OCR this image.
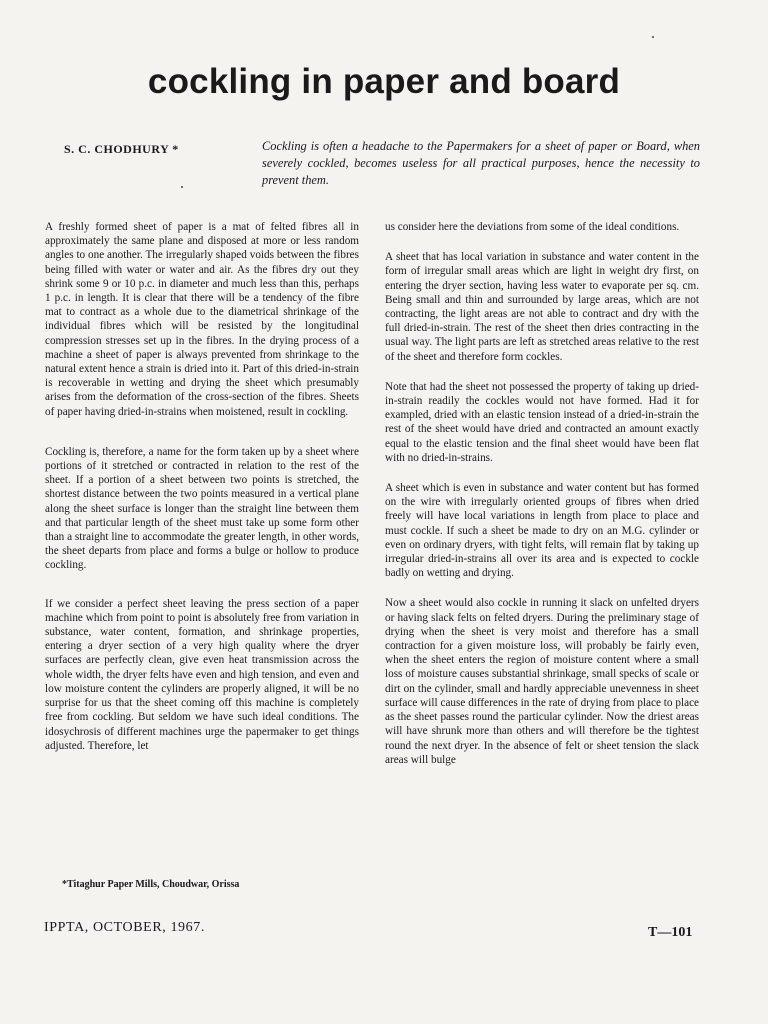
cockling in paper and board
S. C. CHODHURY *	Cockling is often a headache to the Papermakers for a sheet of paper or Board, when severely cockled, becomes useless for all practical purposes, hence the necessity to prevent them.

A freshly formed sheet of paper is a mat of felted fibres all in approximately the same plane and disposed at more or less random angles to one another. The irregularly shaped voids between the fibres being filled with water or water and air. As the fibres dry out they shrink some 9 or 10 p.c. in diameter and much less than this, perhaps 1 p.c. in length. It is clear that there will be a tendency of the fibre mat to contract as a whole due to the diametrical shrinkage of the individual fibres which will be resisted by the longitudinal compression stresses set up in the fibres. In the drying process of a machine a sheet of paper is always prevented from shrinkage to the natural extent hence a strain is dried into it. Part of this dried-in-strain is recoverable in wetting and drying the sheet which presumably arises from the deformation of the cross-section of the fibres. Sheets of paper having dried-in-strains when moistened, result in cockling.

Cockling is, therefore, a name for the form taken up by a sheet where portions of it stretched or contracted in relation to the rest of the sheet. If a portion of a sheet between two points is stretched, the shortest distance between the two points measured in a vertical plane along the sheet surface is longer than the straight line between them and that particular length of the sheet must take up some form other than a straight line to accommodate the greater length, in other words, the sheet departs from place and forms a bulge or hollow to produce cockling.

If we consider a perfect sheet leaving the press section of a paper machine which from point to point is absolutely free from variation in substance, water content, formation, and shrinkage properties, entering a dryer section of a very high quality where the dryer surfaces are perfectly clean, give even heat transmission across the whole width, the dryer felts have even and high tension, and even and low moisture content the cylinders are properly aligned, it will be no surprise for us that the sheet coming off this machine is completely free from cockling. But seldom we have such ideal conditions. The idosychrosis of different machines urge the papermaker to get things adjusted. Therefore, let

us consider here the deviations from some of the ideal conditions.

A sheet that has local variation in substance and water content in the form of irregular small areas which are light in weight dry first, on entering the dryer section, having less water to evaporate per sq. cm. Being small and thin and surrounded by large areas, which are not contracting, the light areas are not able to contract and dry with the full dried-in-strain. The rest of the sheet then dries contracting in the usual way. The light parts are left as stretched areas relative to the rest of the sheet and therefore form cockles.

Note that had the sheet not possessed the property of taking up dried-in-strain readily the cockles would not have formed. Had it for exampled, dried with an elastic tension instead of a dried-in-strain the rest of the sheet would have dried and contracted an amount exactly equal to the elastic tension and the final sheet would have been flat with no dried-in-strains.

A sheet which is even in substance and water content but has formed on the wire with irregularly oriented groups of fibres when dried freely will have local variations in length from place to place and must cockle. If such a sheet be made to dry on an M.G. cylinder or even on ordinary dryers, with tight felts, will remain flat by taking up irregular dried-in-strains all over its area and is expected to cockle badly on wetting and drying.

Now a sheet would also cockle in running it slack on unfelted dryers or having slack felts on felted dryers. During the preliminary stage of drying when the sheet is very moist and therefore has a small contraction for a given moisture loss, will probably be fairly even, when the sheet enters the region of moisture content where a small loss of moisture causes substantial shrinkage, small specks of scale or dirt on the cylinder, small and hardly appreciable unevenness in sheet surface will cause differences in the rate of drying from place to place as the sheet passes round the particular cylinder. Now the driest areas will have shrunk more than others and will therefore be the tightest round the next dryer. In the absence of felt or sheet tension the slack areas will bulge

*Titaghur Paper Mills, Choudwar, Orissa
IPPTA, OCTOBER, 1967.	T—101
